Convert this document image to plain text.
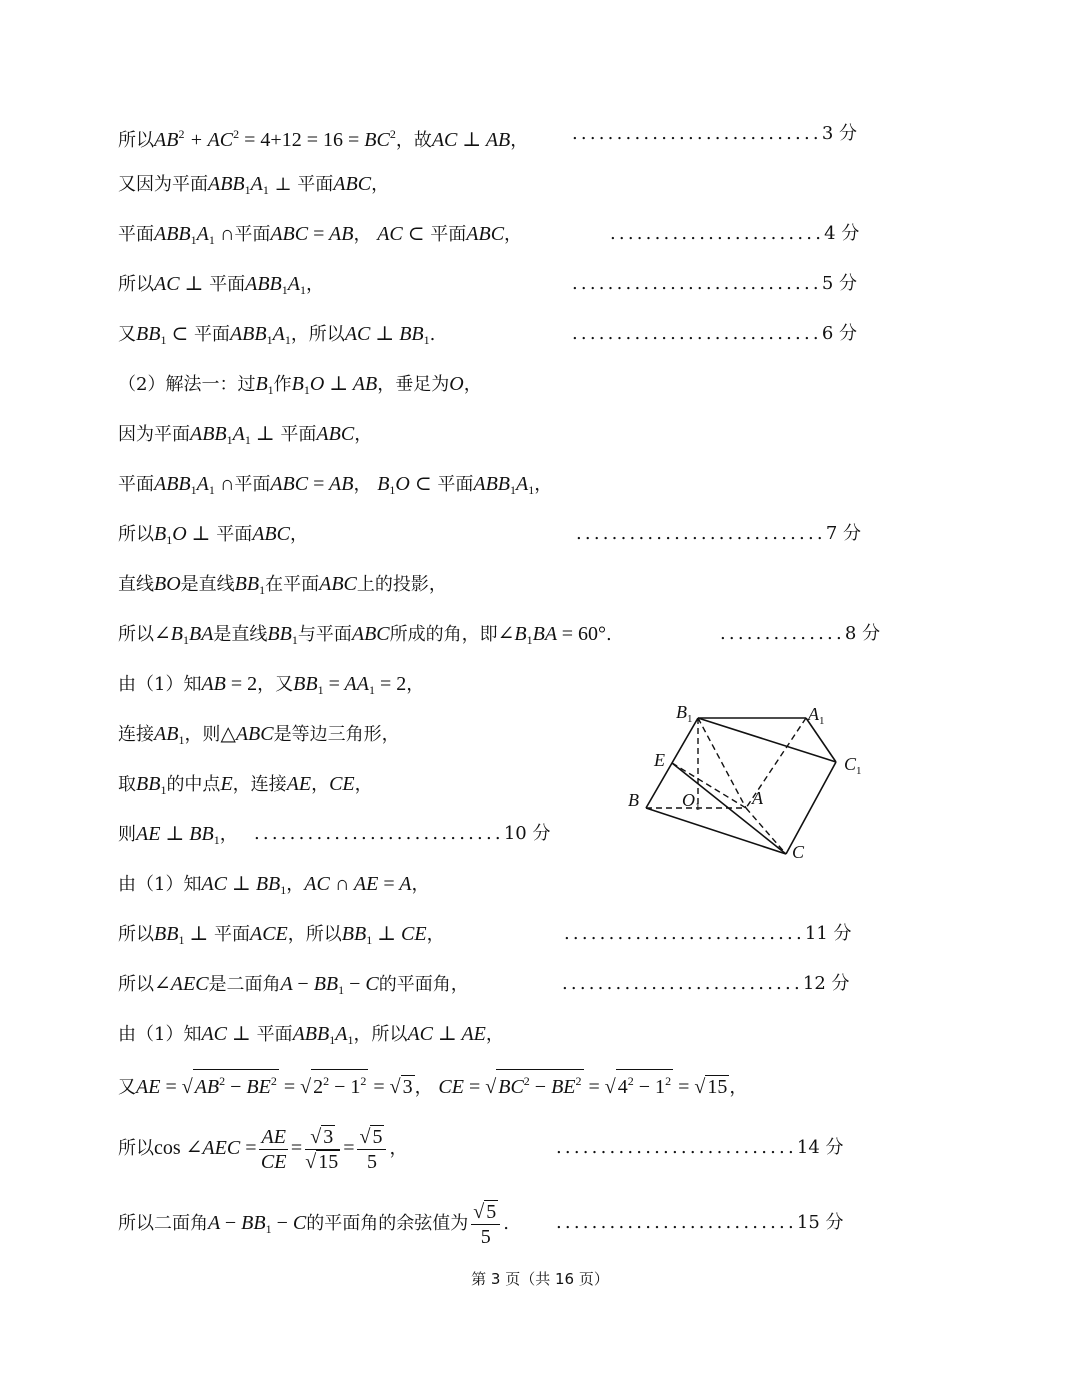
所以$AB^2 + AC^2 = 4+12 = 16 = BC^2$，故AC ⊥ AB， ............................3 分
又因为平面$ABB_1A_1$ ⊥ 平面ABC，
平面$ABB_1A_1$ ∩平面ABC = AB， AC ⊂ 平面ABC，	........................4 分
所以AC ⊥ 平面$ABB_1A_1$，	............................5 分
又$BB_1$ ⊂ 平面$ABB_1A_1$，所以AC ⊥ $BB_1$.	............................6 分
（2）解法一：过$B_1$作$B_1O$ ⊥ AB，垂足为O，
因为平面$ABB_1A_1$ ⊥ 平面ABC，
平面$ABB_1A_1$ ∩平面ABC = AB， $B_1O$ ⊂ 平面$ABB_1A_1$，
所以$B_1O$ ⊥ 平面ABC，	............................7 分
直线BO是直线$BB_1$在平面ABC上的投影，
所以$\angle B_1BA$是直线$BB_1$与平面ABC所成的角，即$\angle B_1BA = 60^\circ$.	..............8 分
由（1）知AB = 2，又$BB_1 = AA_1 = 2$，
连接$AB_1$，则△ABC是等边三角形，
取$BB_1$的中点E，连接AE，CE，
则AE ⊥ $BB_1$， ............................10 分
$B_1$	$A_1$
$C_1$
E
B $O_1$	A
C
由（1）知AC ⊥ $BB_1$，AC ∩ AE = A，
所以$BB_1$ ⊥ 平面ACE，所以$BB_1$ ⊥ CE，	...........................11 分
所以∠AEC是二面角$A - BB_1 - C$的平面角，	...........................12 分
由（1）知AC ⊥ 平面$ABB_1A_1$，所以AC ⊥ AE，
又AE = √ $AB^2 - BE^2$ = √ $2^2 - 1^2$ = √ 3 ， CE = √ $BC^2 - BE^2$ = √ $4^2 - 1^2$ = √ 15 ，
所以cos ∠AEC = $\frac{AE}{CE} = \frac{√ 3}{√ 15} = \frac{√ 5}{5}$ ，	...........................14 分
所以二面角$A - BB_1 - C$的平面角的余弦值为 $\frac{√ 5}{5}$ .	...........................15 分
第 3 页（共 16 页）
